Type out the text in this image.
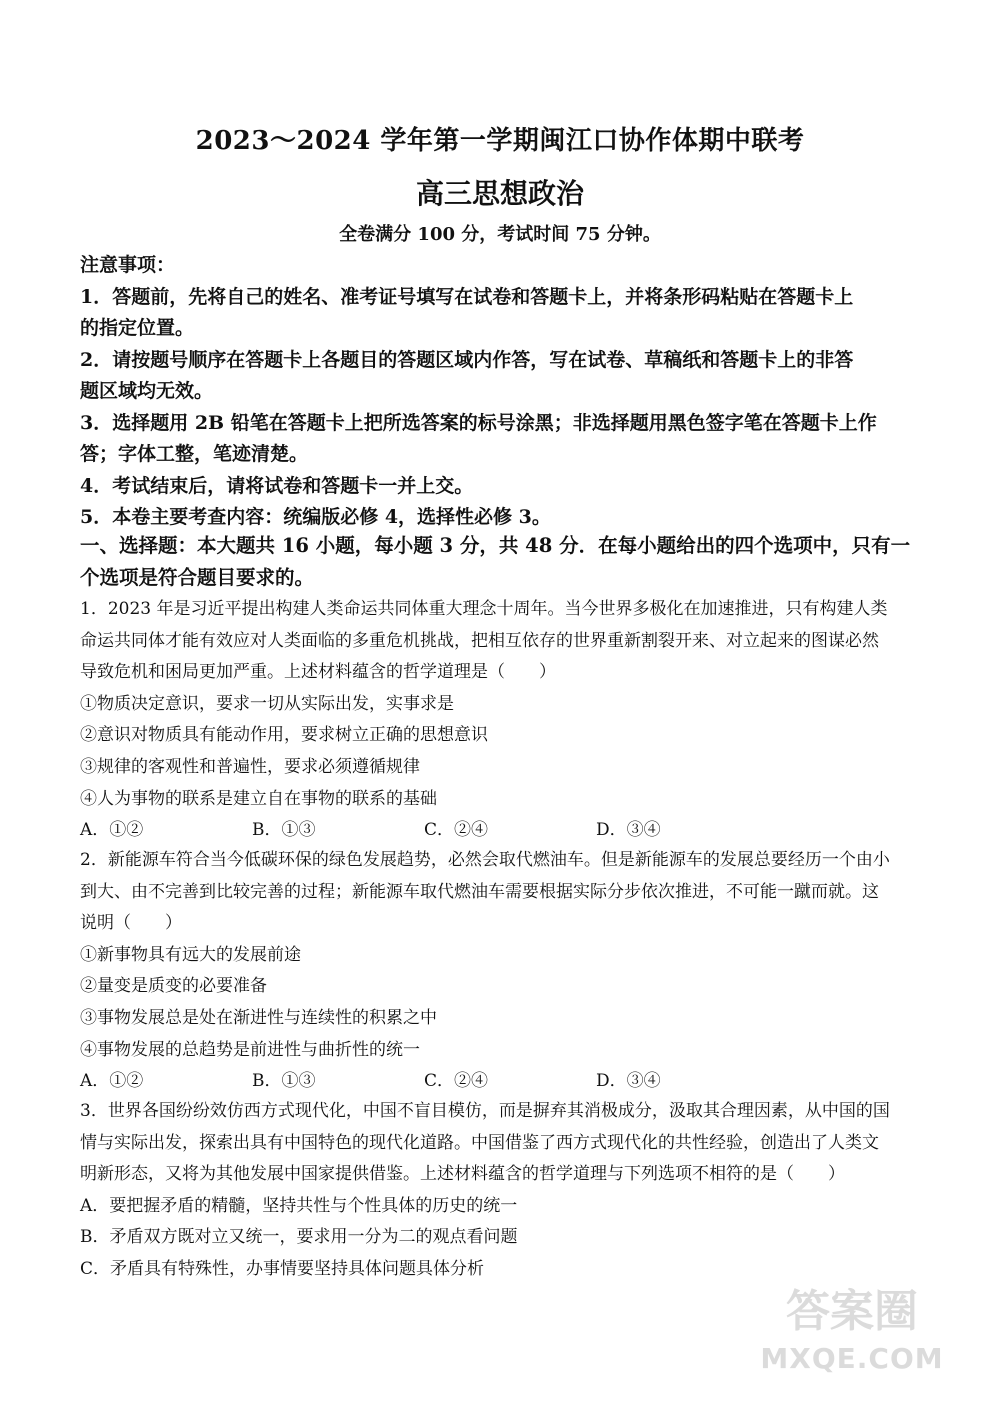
2023～2024 学年第一学期闽江口协作体期中联考
高三思想政治
全卷满分 100 分，考试时间 75 分钟。
注意事项：
1．答题前，先将自己的姓名、准考证号填写在试卷和答题卡上，并将条形码粘贴在答题卡上
的指定位置。
2．请按题号顺序在答题卡上各题目的答题区域内作答，写在试卷、草稿纸和答题卡上的非答
题区域均无效。
3．选择题用 2B 铅笔在答题卡上把所选答案的标号涂黑；非选择题用黑色签字笔在答题卡上作
答；字体工整，笔迹清楚。
4．考试结束后，请将试卷和答题卡一并上交。
5．本卷主要考查内容：统编版必修 4，选择性必修 3。
一、选择题：本大题共 16 小题，每小题 3 分，共 48 分．在每小题给出的四个选项中，只有一
个选项是符合题目要求的。
1．2023 年是习近平提出构建人类命运共同体重大理念十周年。当今世界多极化在加速推进，只有构建人类
命运共同体才能有效应对人类面临的多重危机挑战，把相互依存的世界重新割裂开来、对立起来的图谋必然
导致危机和困局更加严重。上述材料蕴含的哲学道理是（　　）
①物质决定意识，要求一切从实际出发，实事求是
②意识对物质具有能动作用，要求树立正确的思想意识
③规律的客观性和普遍性，要求必须遵循规律
④人为事物的联系是建立自在事物的联系的基础
A．①②	B．①③	C．②④	D．③④
2．新能源车符合当今低碳环保的绿色发展趋势，必然会取代燃油车。但是新能源车的发展总要经历一个由小
到大、由不完善到比较完善的过程；新能源车取代燃油车需要根据实际分步依次推进，不可能一蹴而就。这
说明（　　）
①新事物具有远大的发展前途
②量变是质变的必要准备
③事物发展总是处在渐进性与连续性的积累之中
④事物发展的总趋势是前进性与曲折性的统一
A．①②	B．①③	C．②④	D．③④
3．世界各国纷纷效仿西方式现代化，中国不盲目模仿，而是摒弃其消极成分，汲取其合理因素，从中国的国
情与实际出发，探索出具有中国特色的现代化道路。中国借鉴了西方式现代化的共性经验，创造出了人类文
明新形态，又将为其他发展中国家提供借鉴。上述材料蕴含的哲学道理与下列选项不相符的是（　　）
A．要把握矛盾的精髓，坚持共性与个性具体的历史的统一
B．矛盾双方既对立又统一，要求用一分为二的观点看问题
C．矛盾具有特殊性，办事情要坚持具体问题具体分析
答案圈
MXQE.COM
